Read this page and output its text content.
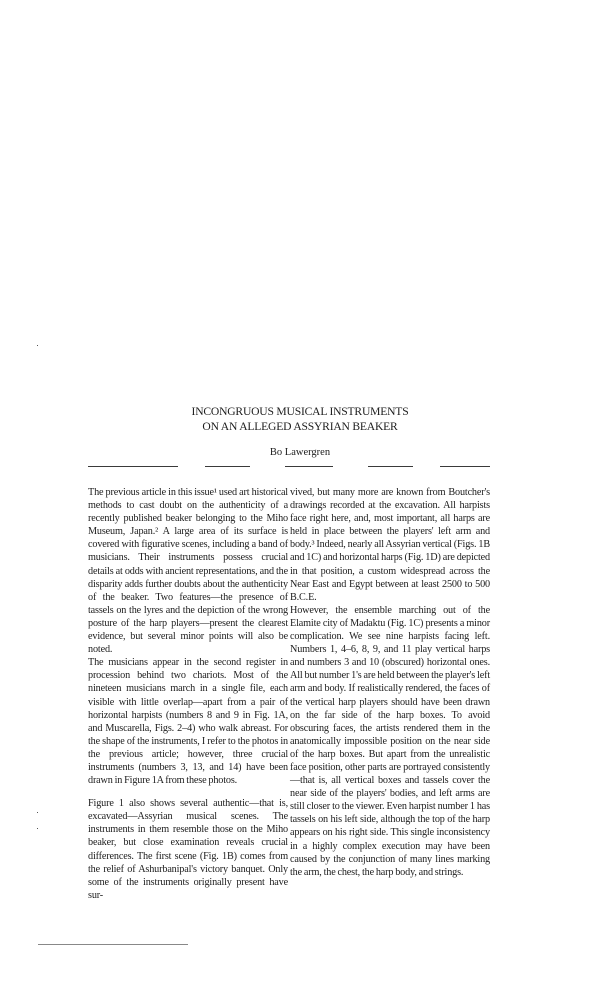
INCONGRUOUS MUSICAL INSTRUMENTS
ON AN ALLEGED ASSYRIAN BEAKER
Bo Lawergren

The previous article in this issue¹ used art historical methods to cast doubt on the authenticity of a recently published beaker belonging to the Miho Museum, Japan.² A large area of its surface is covered with figurative scenes, including a band of musicians. Their instruments possess crucial details at odds with ancient representations, and the disparity adds further doubts about the authenticity of the beaker. Two features—the presence of tassels on the lyres and the depiction of the wrong posture of the harp players—present the clearest evidence, but several minor points will also be noted.

The musicians appear in the second register in procession behind two chariots. Most of the nineteen musicians march in a single file, each visible with little overlap—apart from a pair of horizontal harpists (numbers 8 and 9 in Fig. 1A, and Muscarella, Figs. 2–4) who walk abreast. For the shape of the instruments, I refer to the photos in the previous article; however, three crucial instruments (numbers 3, 13, and 14) have been drawn in Figure 1A from these photos.

Figure 1 also shows several authentic—that is, excavated—Assyrian musical scenes. The instruments in them resemble those on the Miho beaker, but close examination reveals crucial differences. The first scene (Fig. 1B) comes from the relief of Ashurbanipal's victory banquet. Only some of the instruments originally present have sur-

vived, but many more are known from Boutcher's drawings recorded at the excavation. All harpists face right here, and, most important, all harps are held in place between the players' left arm and body.³ Indeed, nearly all Assyrian vertical (Figs. 1B and 1C) and horizontal harps (Fig. 1D) are depicted in that position, a custom widespread across the Near East and Egypt between at least 2500 to 500 B.C.E.

However, the ensemble marching out of the Elamite city of Madaktu (Fig. 1C) presents a minor complication. We see nine harpists facing left. Numbers 1, 4–6, 8, 9, and 11 play vertical harps and numbers 3 and 10 (obscured) horizontal ones. All but number 1's are held between the player's left arm and body. If realistically rendered, the faces of the vertical harp players should have been drawn on the far side of the harp boxes. To avoid obscuring faces, the artists rendered them in the anatomically impossible position on the near side of the harp boxes. But apart from the unrealistic face position, other parts are portrayed consistently—that is, all vertical boxes and tassels cover the near side of the players' bodies, and left arms are still closer to the viewer. Even harpist number 1 has tassels on his left side, although the top of the harp appears on his right side. This single inconsistency in a highly complex execution may have been caused by the conjunction of many lines marking the arm, the chest, the harp body, and strings.
